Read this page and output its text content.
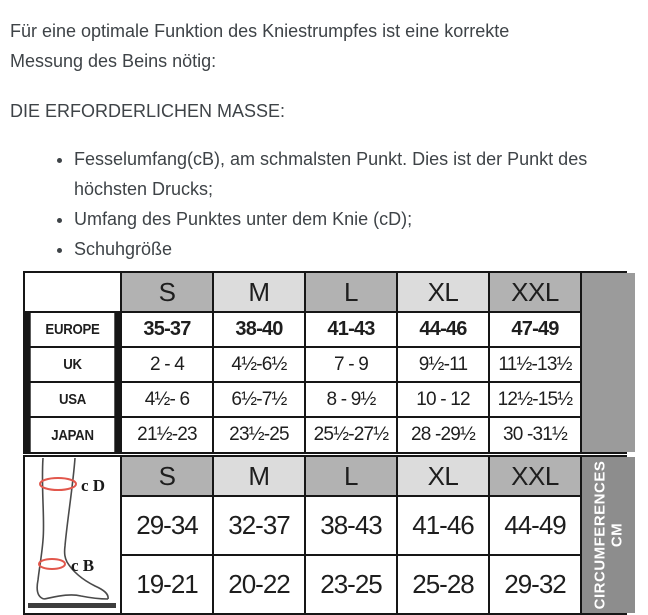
Für eine optimale Funktion des Kniestrumpfes ist eine korrekte Messung des Beins nötig:

DIE ERFORDERLICHEN MASSE:

• Fesselumfang(cB), am schmalsten Punkt. Dies ist der Punkt des höchsten Drucks;
• Umfang des Punktes unter dem Knie (cD);
• Schuhgröße
S	M	L	XL	XXL
EUROPE	35-37	38-40	41-43	44-46	47-49
UK	2 - 4	4½-6½	7 - 9	9½-11	11½-13½
USA	4½- 6	6½-7½	8 - 9½	10 - 12	12½-15½
JAPAN	21½-23	23½-25	25½-27½	28 -29½	30 -31½
c D
c B
S	M	L	XL	XXL	CIRCUMFERENCES CM
29-34	32-37	38-43	41-46	44-49
19-21	20-22	23-25	25-28	29-32
